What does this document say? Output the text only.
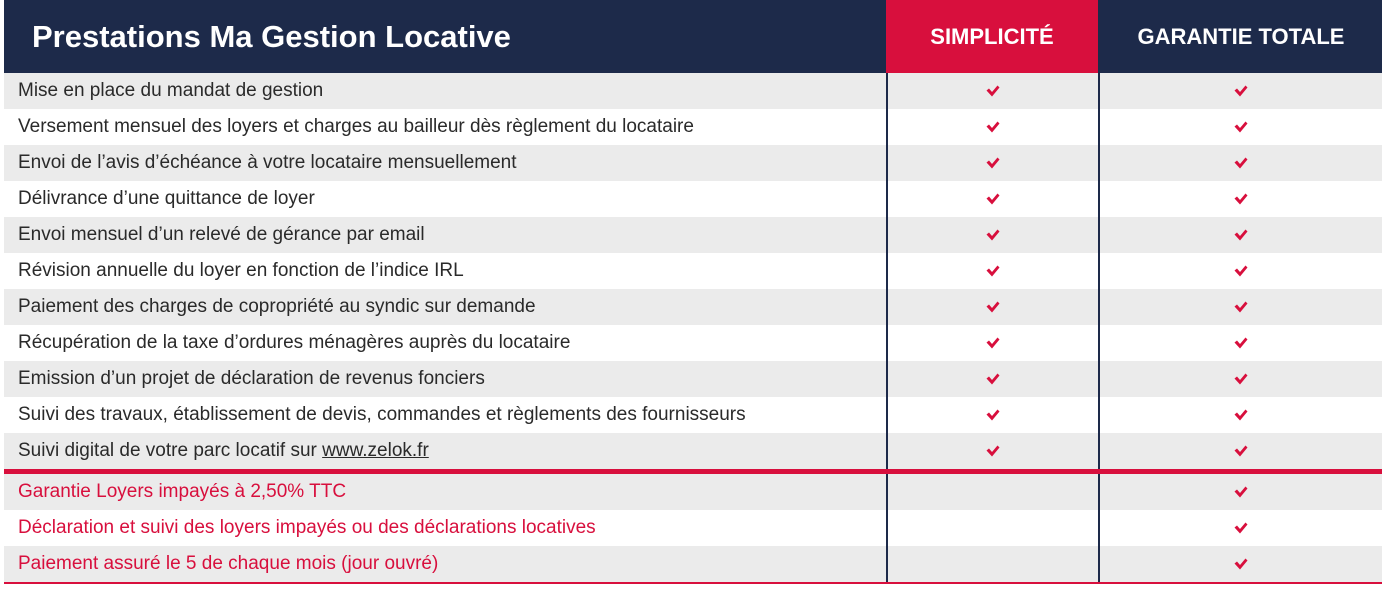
Prestations Ma Gestion Locative	SIMPLICITÉ	GARANTIE TOTALE
Mise en place du mandat de gestion
Versement mensuel des loyers et charges au bailleur dès règlement du locataire
Envoi de l’avis d’échéance à votre locataire mensuellement
Délivrance d’une quittance de loyer
Envoi mensuel d’un relevé de gérance par email
Révision annuelle du loyer en fonction de l’indice IRL
Paiement des charges de copropriété au syndic sur demande
Récupération de la taxe d’ordures ménagères auprès du locataire
Emission d’un projet de déclaration de revenus fonciers
Suivi des travaux, établissement de devis, commandes et règlements des fournisseurs
Suivi digital de votre parc locatif sur www.zelok.fr
Garantie Loyers impayés à 2,50% TTC
Déclaration et suivi des loyers impayés ou des déclarations locatives
Paiement assuré le 5 de chaque mois (jour ouvré)
